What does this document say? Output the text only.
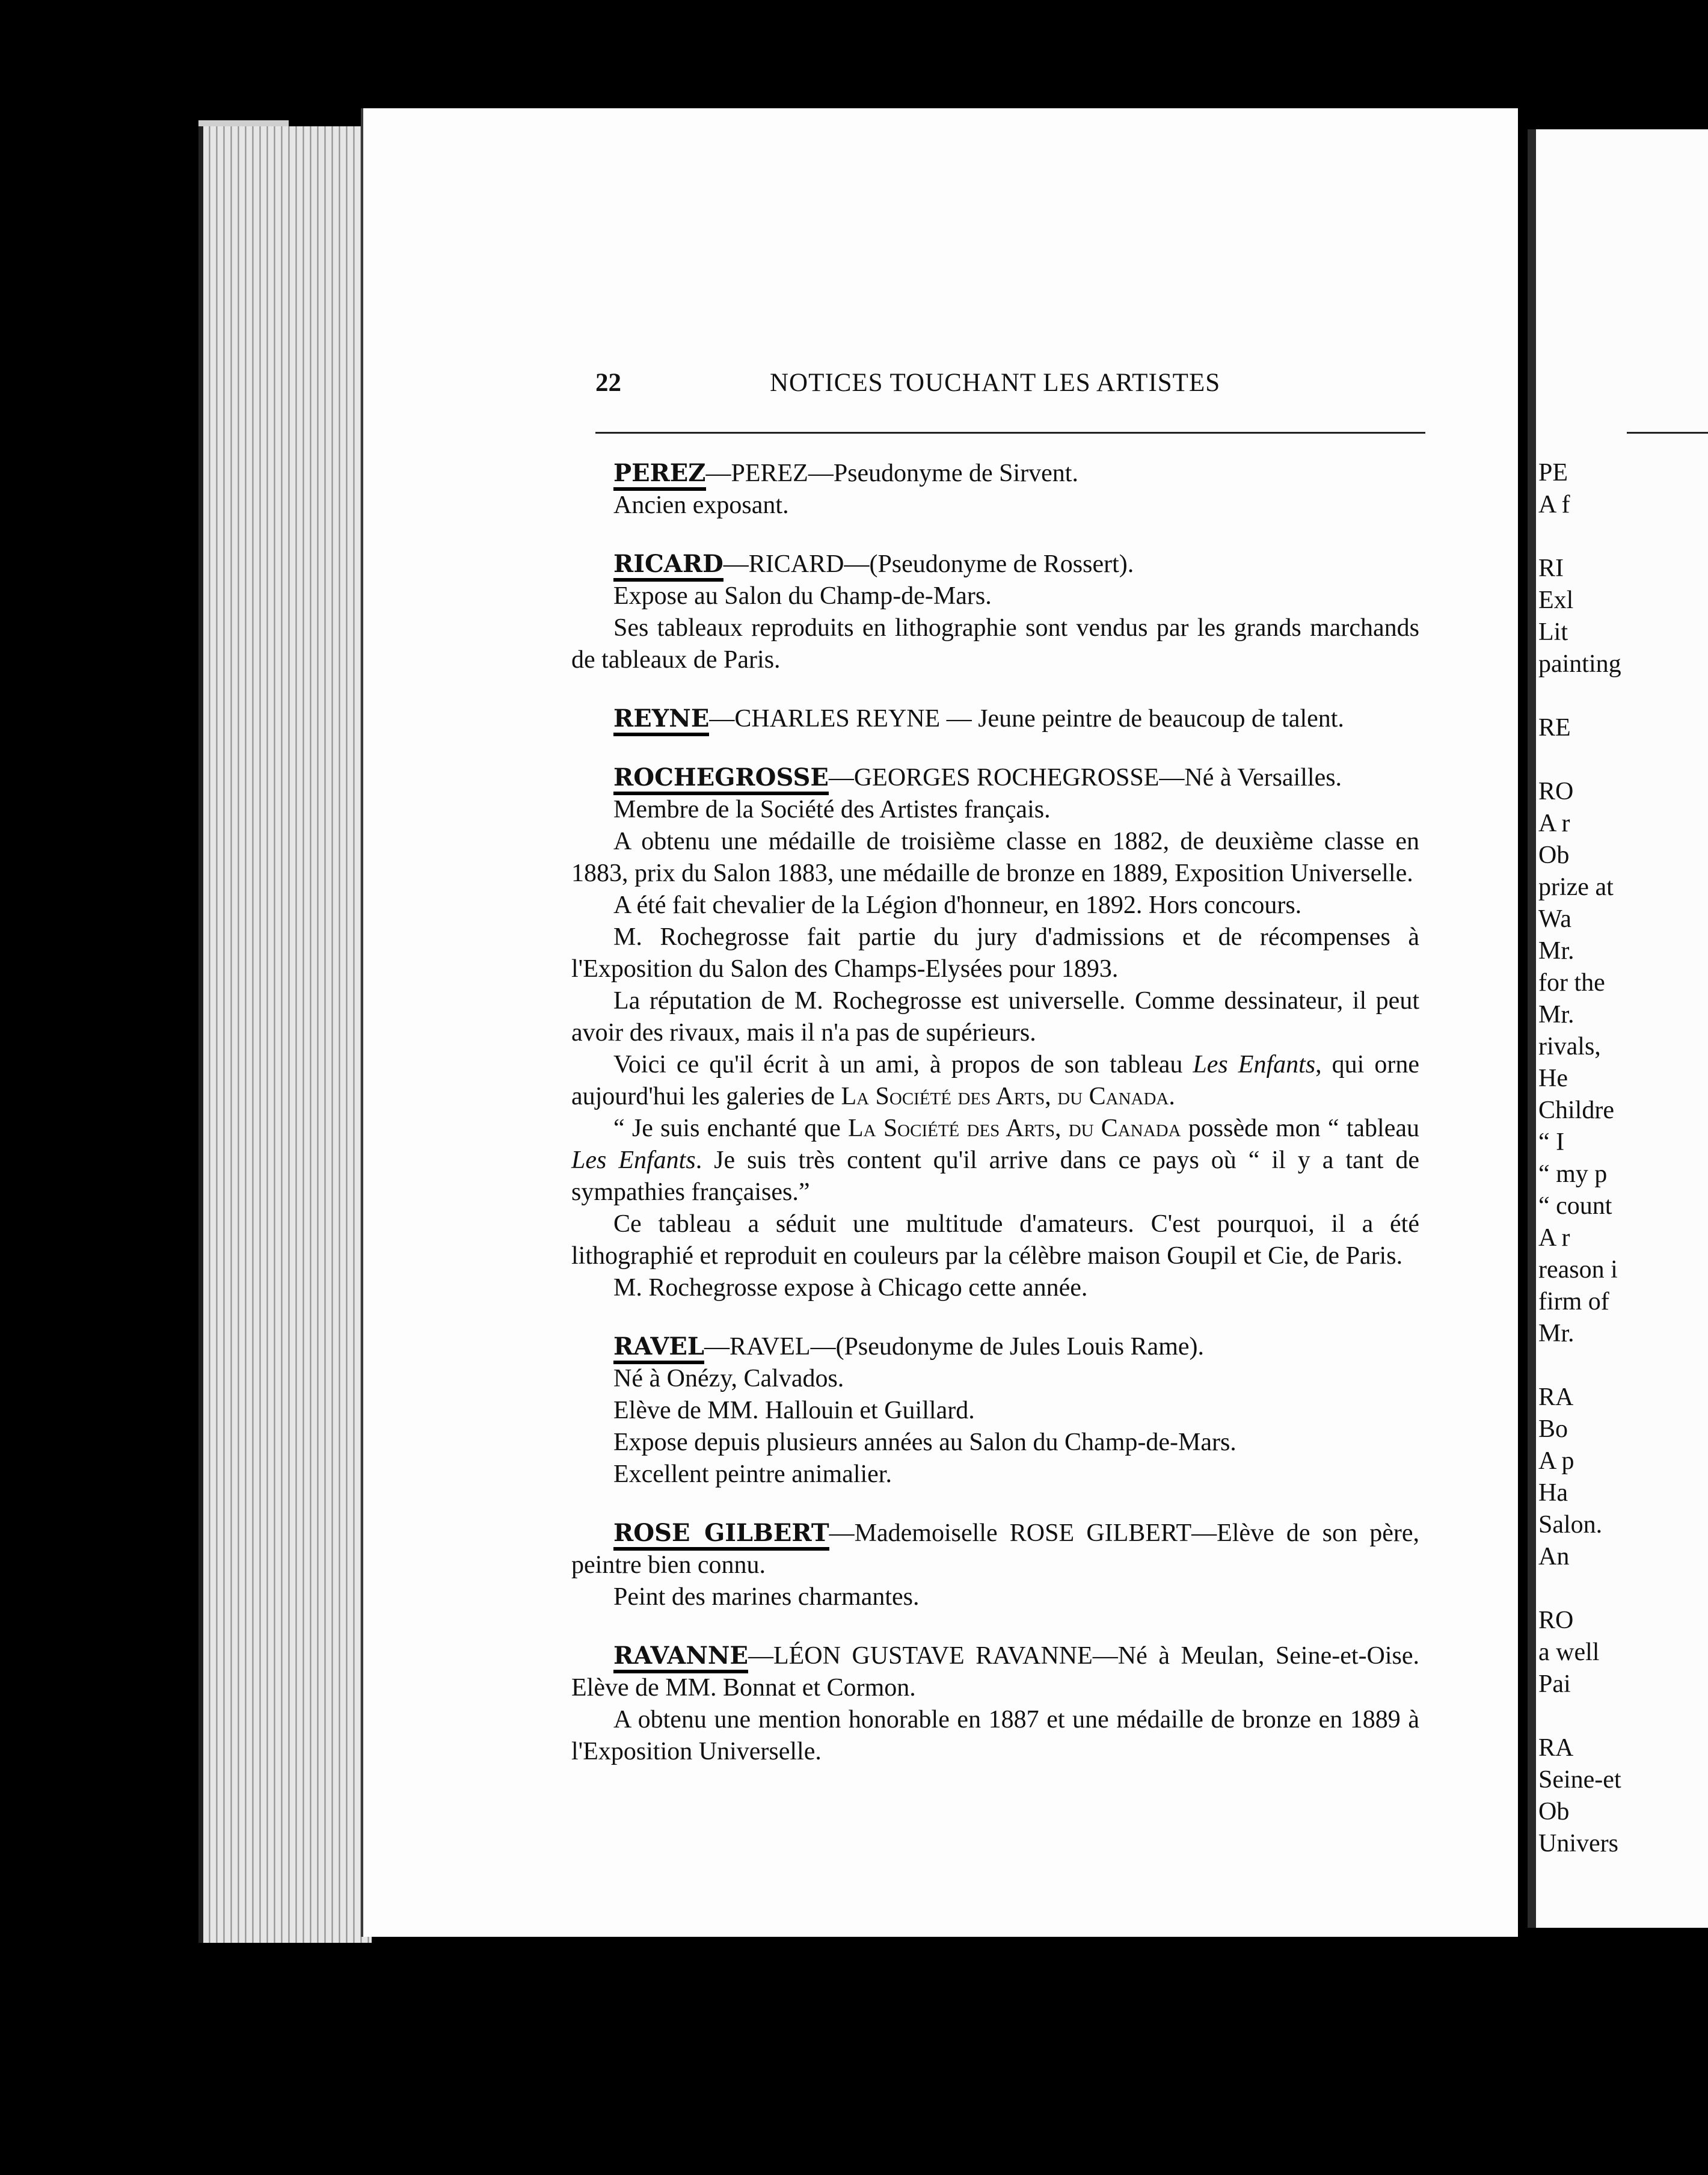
22	NOTICES TOUCHANT LES ARTISTES

PEREZ—PEREZ—Pseudonyme de Sirvent.

Ancien exposant.

RICARD—RICARD—(Pseudonyme de Rossert).

Expose au Salon du Champ-de-Mars.

Ses tableaux reproduits en lithographie sont vendus par les grands marchands de tableaux de Paris.

REYNE—CHARLES REYNE — Jeune peintre de beaucoup de talent.

ROCHEGROSSE—GEORGES ROCHEGROSSE—Né à Versailles.

Membre de la Société des Artistes français.

A obtenu une médaille de troisième classe en 1882, de deuxième classe en 1883, prix du Salon 1883, une médaille de bronze en 1889, Exposition Universelle.

A été fait chevalier de la Légion d'honneur, en 1892. Hors concours.

M. Rochegrosse fait partie du jury d'admissions et de récompenses à l'Exposition du Salon des Champs-Elysées pour 1893.

La réputation de M. Rochegrosse est universelle. Comme dessinateur, il peut avoir des rivaux, mais il n'a pas de supérieurs.

Voici ce qu'il écrit à un ami, à propos de son tableau Les Enfants, qui orne aujourd'hui les galeries de La Société des Arts, du Canada.

“ Je suis enchanté que La Société des Arts, du Canada possède mon “ tableau Les Enfants. Je suis très content qu'il arrive dans ce pays où “ il y a tant de sympathies françaises.”

Ce tableau a séduit une multitude d'amateurs. C'est pourquoi, il a été lithographié et reproduit en couleurs par la célèbre maison Goupil et Cie, de Paris.

M. Rochegrosse expose à Chicago cette année.

RAVEL—RAVEL—(Pseudonyme de Jules Louis Rame).

Né à Onézy, Calvados.

Elève de MM. Hallouin et Guillard.

Expose depuis plusieurs années au Salon du Champ-de-Mars.

Excellent peintre animalier.

ROSE GILBERT—Mademoiselle ROSE GILBERT—Elève de son père, peintre bien connu.

Peint des marines charmantes.

RAVANNE—LÉON GUSTAVE RAVANNE—Né à Meulan, Seine-et-Oise. Elève de MM. Bonnat et Cormon.

A obtenu une mention honorable en 1887 et une médaille de bronze en 1889 à l'Exposition Universelle.

PE
A f

RI
Exl
Lit
painting

RE

RO
A r
Ob
prize at
Wa
Mr.
for the
Mr.
rivals,
He
Childre
“ I
“ my p
“ count
A r
reason i
firm of
Mr.

RA
Bo
A p
Ha
Salon.
An

RO
a well
Pai

RA
Seine-et
Ob
Univers
